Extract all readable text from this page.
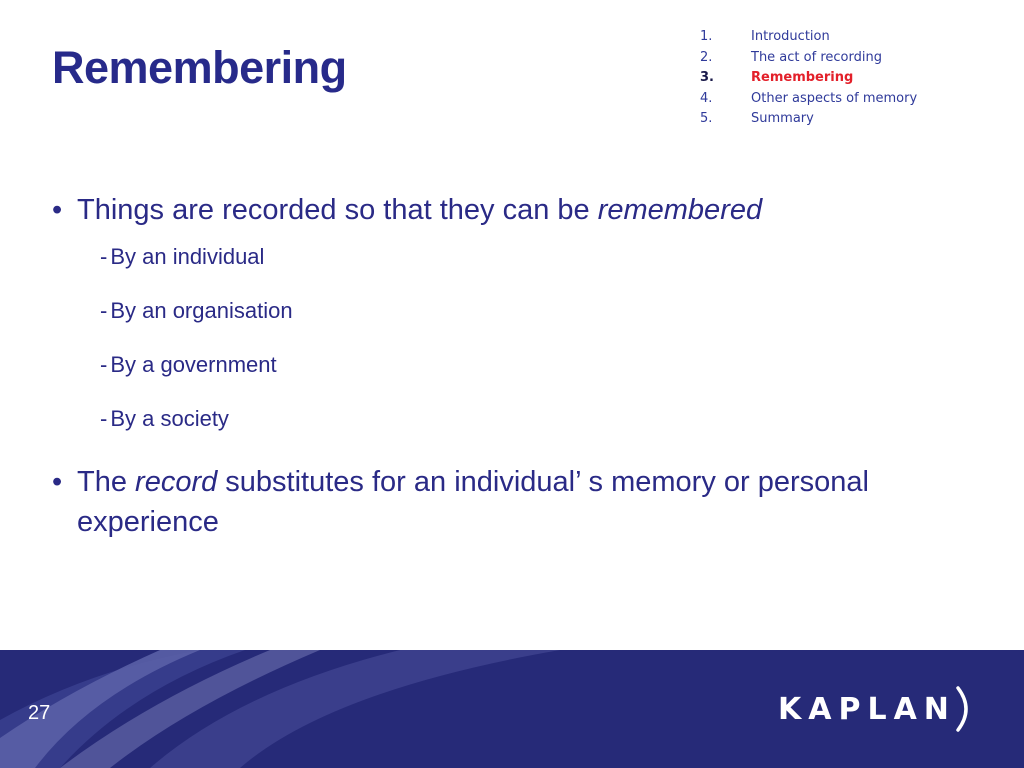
Remembering
1.	Introduction
2.	The act of recording
3.	Remembering
4.	Other aspects of memory
5.	Summary
• Things are recorded so that they can be remembered
- By an individual
- By an organisation
- By a government
- By a society
• The record substitutes for an individual’ s memory or personal experience
27	KAPLAN
